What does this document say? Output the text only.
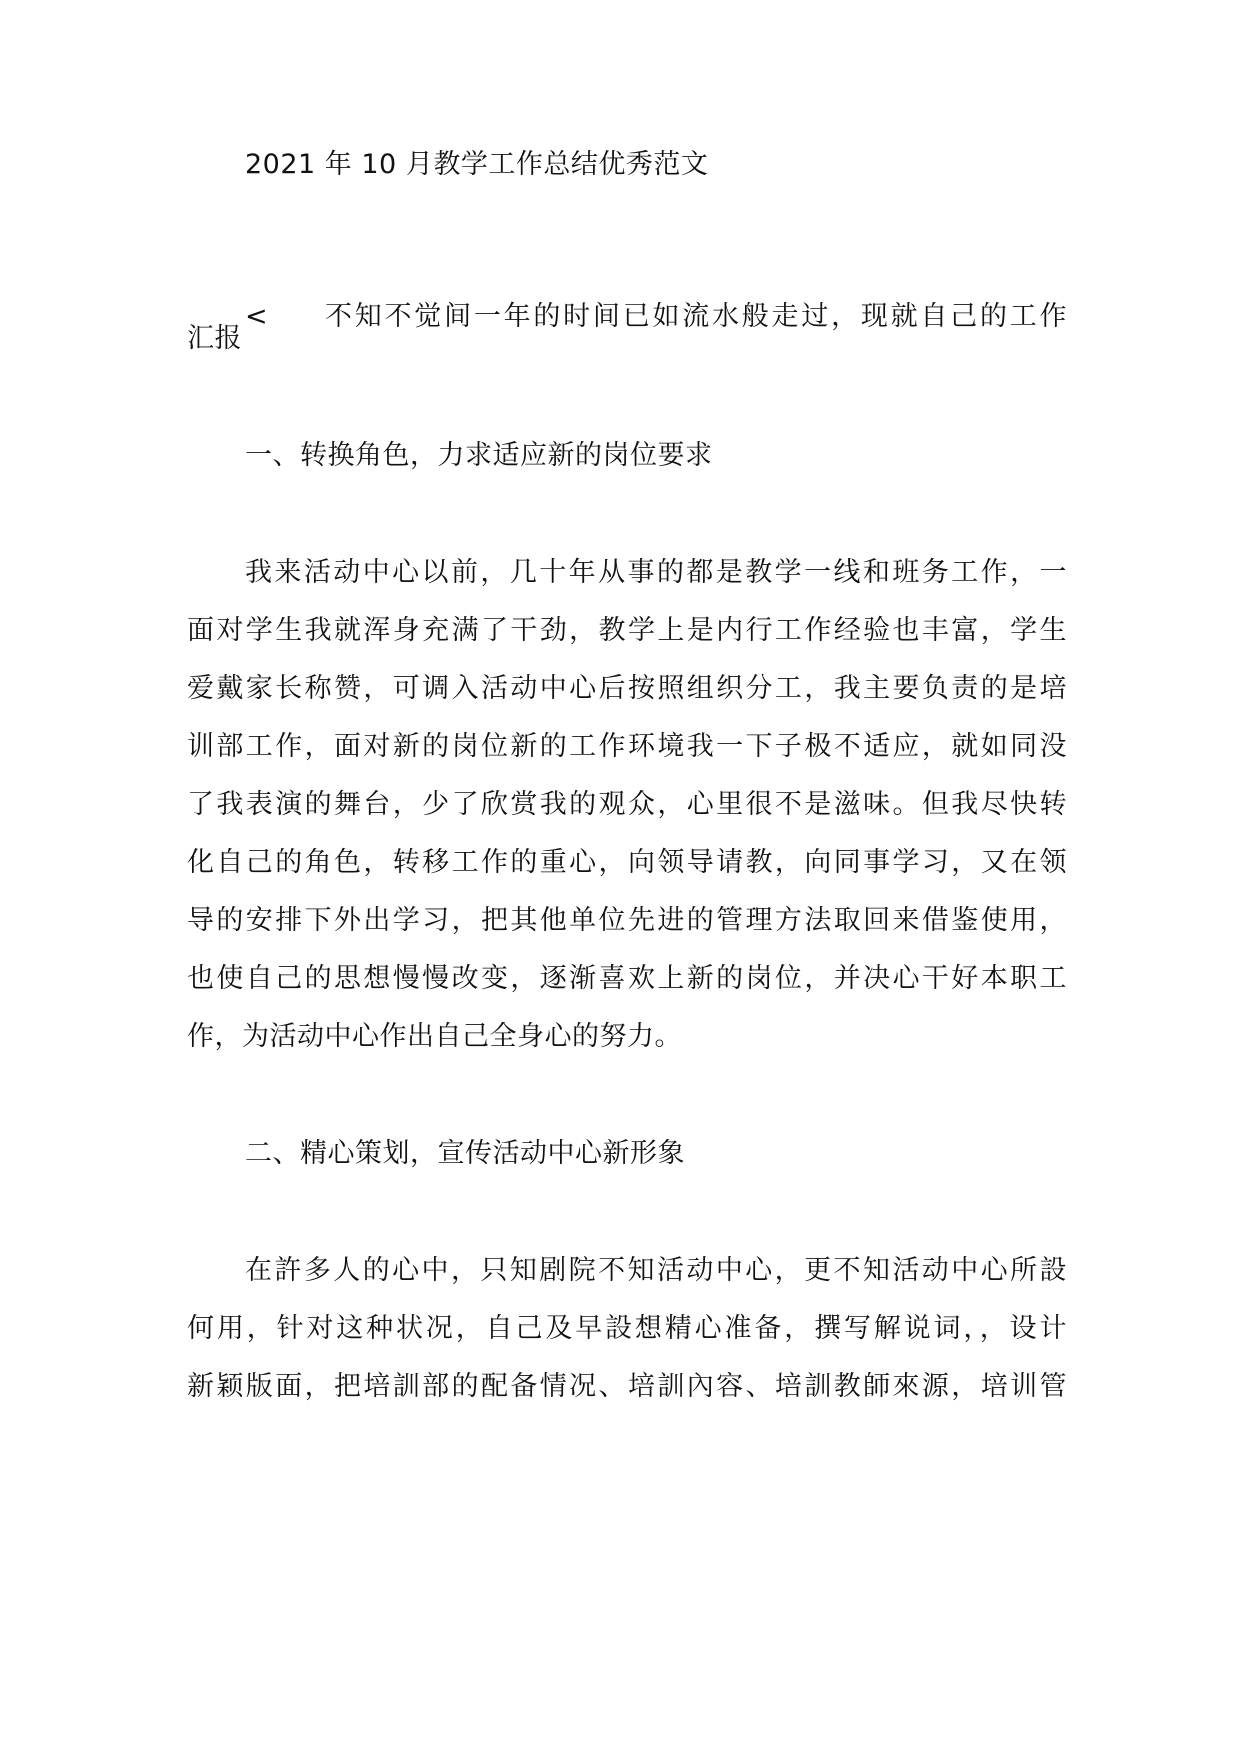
2021 年 10 月教学工作总结优秀范文
< 不知不觉间一年的时间已如流水般走过，现就自己的工作
汇报
一、转换角色，力求适应新的岗位要求
我来活动中心以前，几十年从事的都是教学一线和班务工作，一
面对学生我就浑身充满了干劲，教学上是内行工作经验也丰富，学生
爱戴家长称赞，可调入活动中心后按照组织分工，我主要负责的是培
训部工作，面对新的岗位新的工作环境我一下子极不适应，就如同没
了我表演的舞台，少了欣赏我的观众，心里很不是滋味。但我尽快转
化自己的角色，转移工作的重心，向领导请教，向同事学习，又在领
导的安排下外出学习，把其他单位先进的管理方法取回来借鉴使用，
也使自己的思想慢慢改变，逐渐喜欢上新的岗位，并决心干好本职工
作，为活动中心作出自己全身心的努力。
二、精心策划，宣传活动中心新形象
在許多人的心中，只知剧院不知活动中心，更不知活动中心所設
何用，针对这种状况，自己及早設想精心准备，撰写解说词，，设计
新颖版面，把培訓部的配备情况、培訓內容、培訓教師來源，培训管
